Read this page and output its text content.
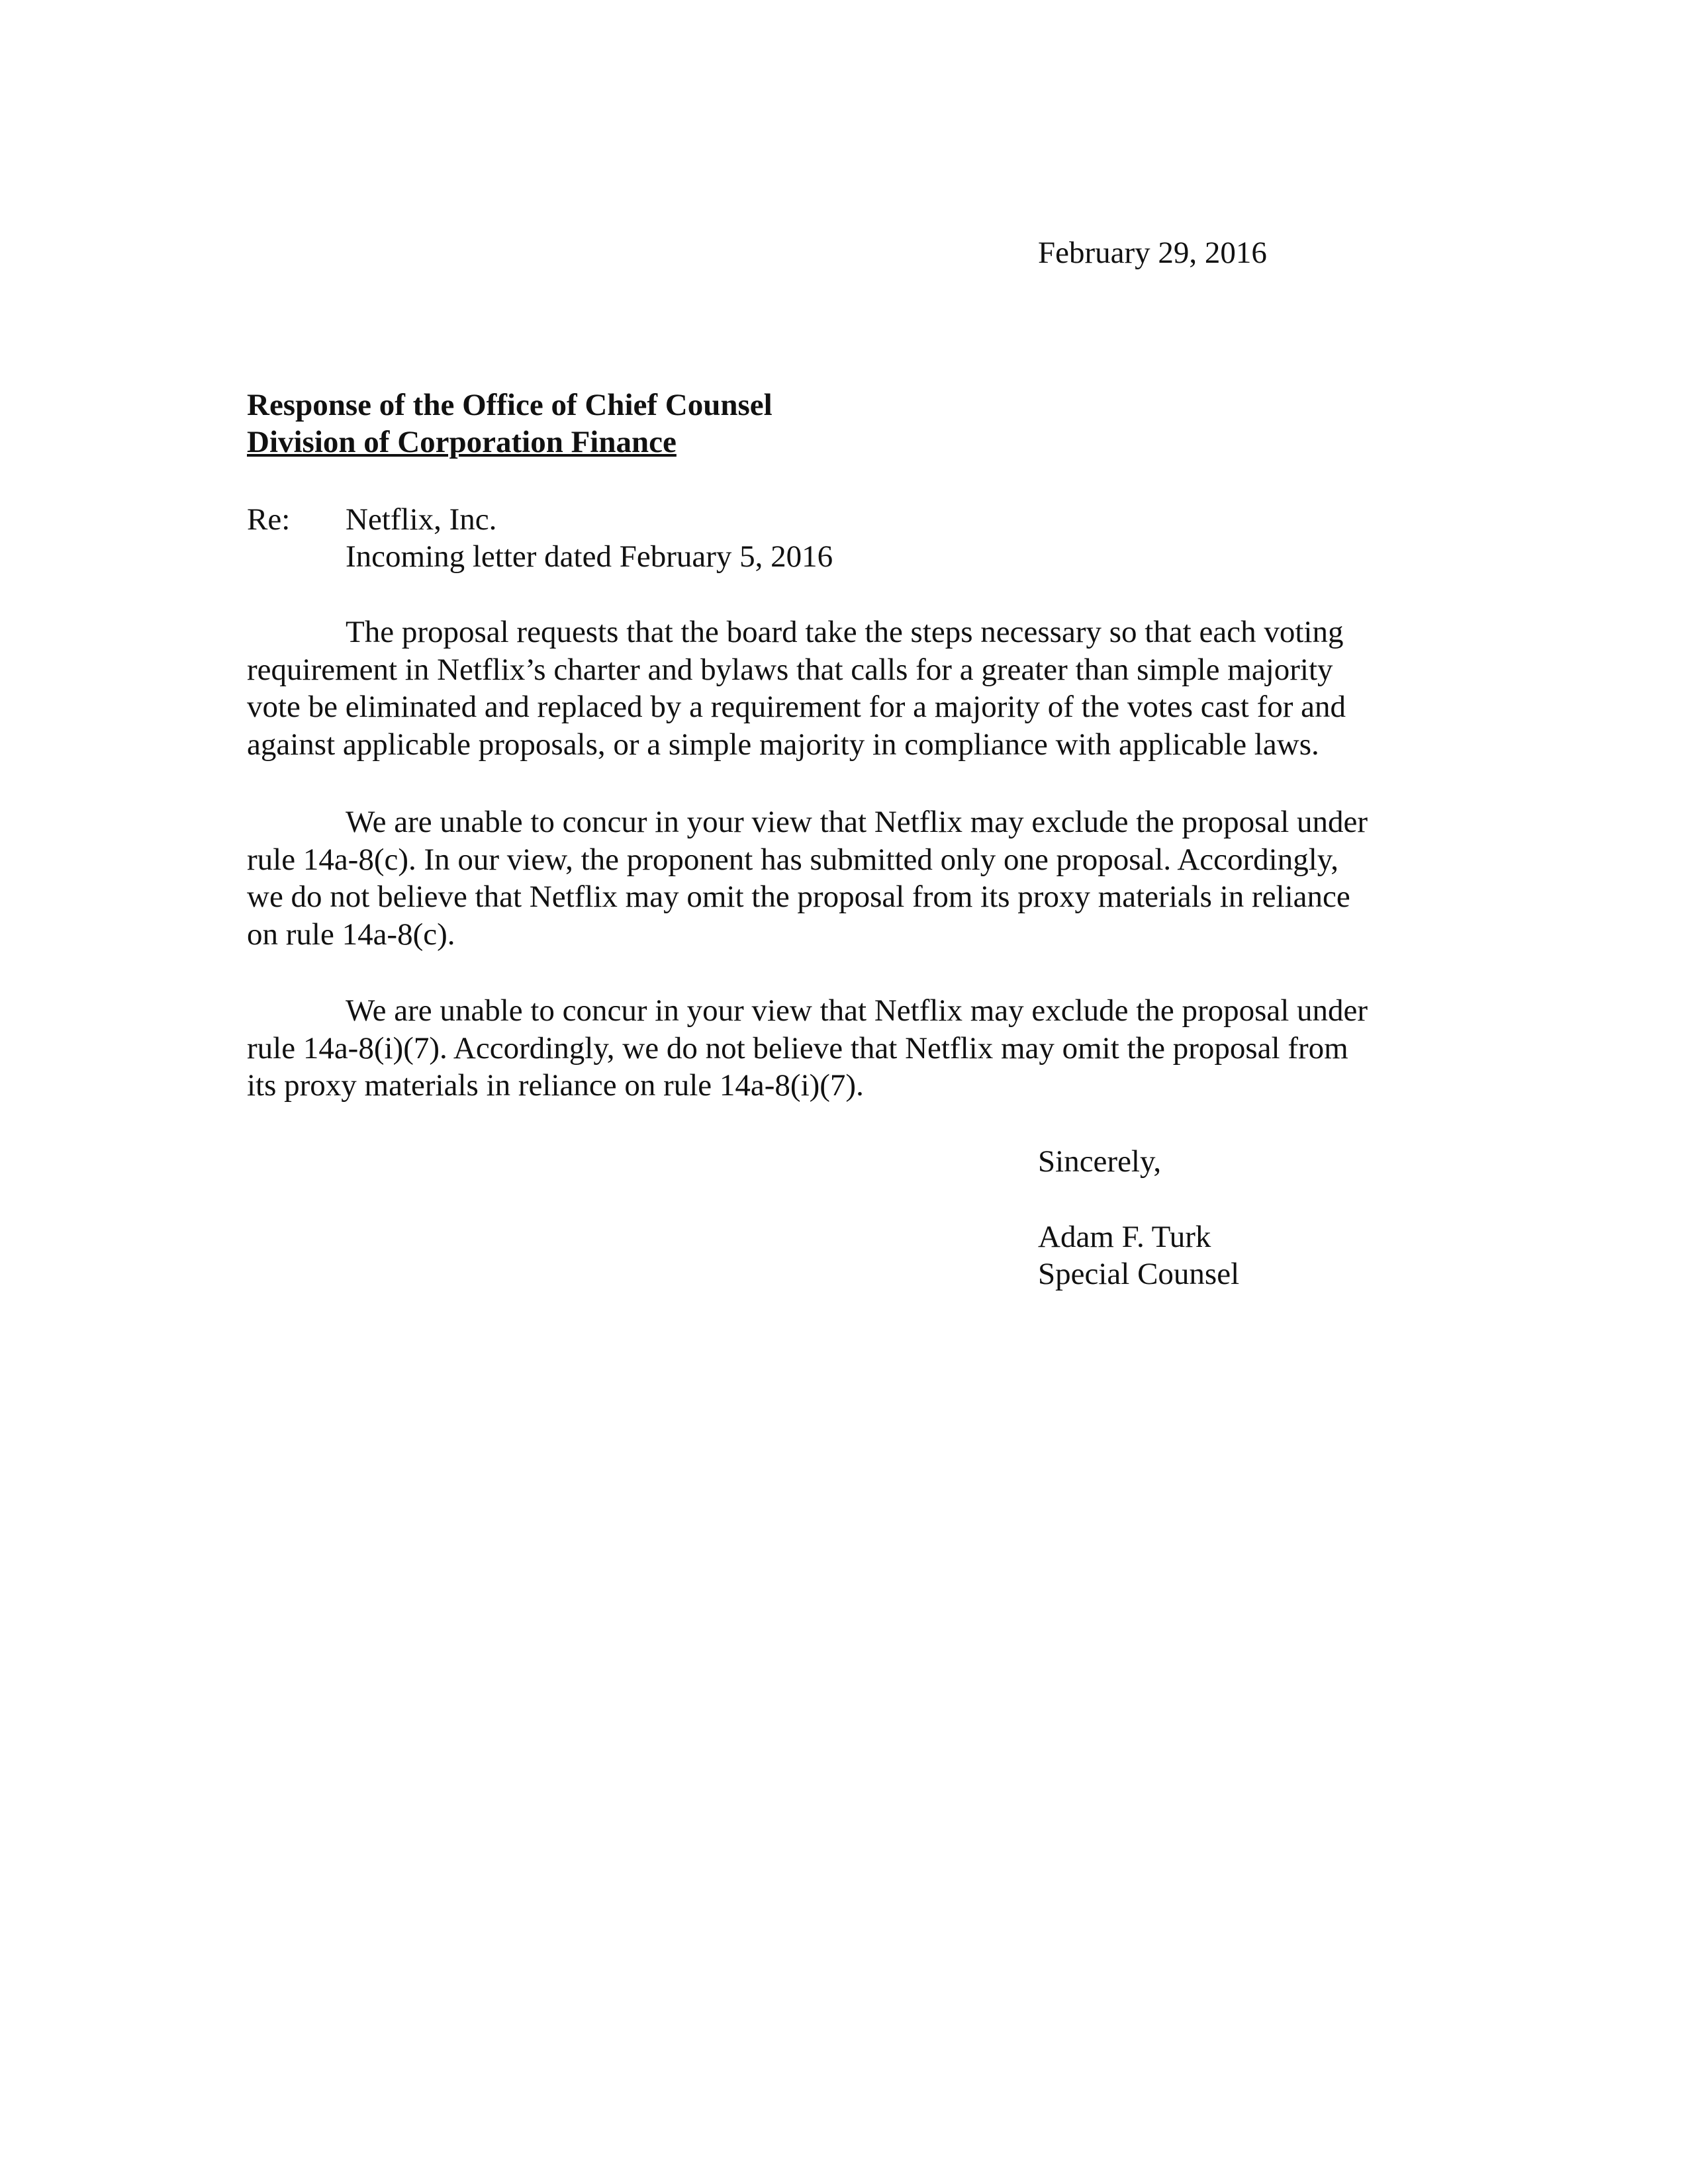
February 29, 2016
Response of the Office of Chief Counsel
Division of Corporation Finance
Re: Netflix, Inc.
Incoming letter dated February 5, 2016
The proposal requests that the board take the steps necessary so that each voting
requirement in Netflix’s charter and bylaws that calls for a greater than simple majority
vote be eliminated and replaced by a requirement for a majority of the votes cast for and
against applicable proposals, or a simple majority in compliance with applicable laws.
We are unable to concur in your view that Netflix may exclude the proposal under
rule 14a-8(c). In our view, the proponent has submitted only one proposal. Accordingly,
we do not believe that Netflix may omit the proposal from its proxy materials in reliance
on rule 14a-8(c).
We are unable to concur in your view that Netflix may exclude the proposal under
rule 14a-8(i)(7). Accordingly, we do not believe that Netflix may omit the proposal from
its proxy materials in reliance on rule 14a-8(i)(7).
Sincerely,
Adam F. Turk
Special Counsel
